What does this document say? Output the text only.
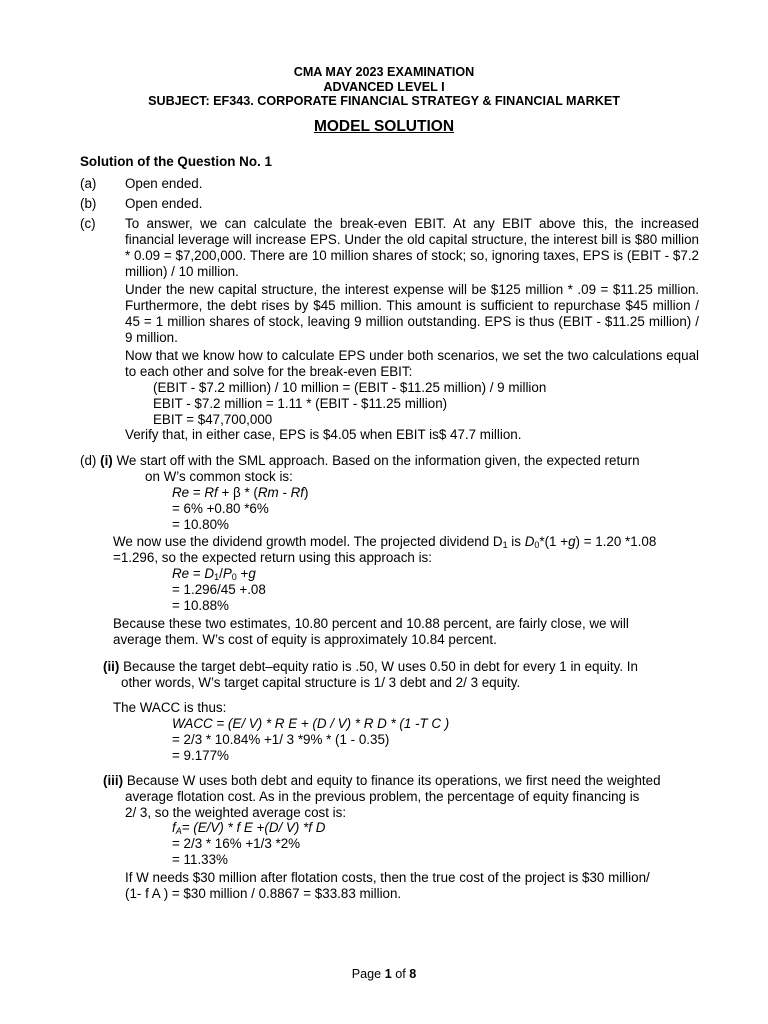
CMA MAY 2023 EXAMINATION
ADVANCED LEVEL I
SUBJECT: EF343. CORPORATE FINANCIAL STRATEGY & FINANCIAL MARKET
MODEL SOLUTION
Solution of the Question No. 1
(a) Open ended.
(b) Open ended.
(c) To answer, we can calculate the break-even EBIT. At any EBIT above this, the increased financial leverage will increase EPS. Under the old capital structure, the interest bill is $80 million * 0.09 = $7,200,000. There are 10 million shares of stock; so, ignoring taxes, EPS is (EBIT - $7.2 million) / 10 million.
Under the new capital structure, the interest expense will be $125 million * .09 = $11.25 million. Furthermore, the debt rises by $45 million. This amount is sufficient to repurchase $45 million / 45 = 1 million shares of stock, leaving 9 million outstanding. EPS is thus (EBIT - $11.25 million) / 9 million.
Now that we know how to calculate EPS under both scenarios, we set the two calculations equal to each other and solve for the break-even EBIT:
(EBIT - $7.2 million) / 10 million = (EBIT - $11.25 million) / 9 million
EBIT - $7.2 million = 1.11 * (EBIT - $11.25 million)
EBIT = $47,700,000
Verify that, in either case, EPS is $4.05 when EBIT is$ 47.7 million.
(d) (i) We start off with the SML approach. Based on the information given, the expected return
on W’s common stock is:
Re = Rf + β * (Rm - Rf)
= 6% +0.80 *6%
= 10.80%
We now use the dividend growth model. The projected dividend $D_1$ is $D_0*(1 +g) = 1.20$ *1.08
=1.296, so the expected return using this approach is:
$Re = D_1/P_0 +g$
= 1.296/45 +.08
= 10.88%
Because these two estimates, 10.80 percent and 10.88 percent, are fairly close, we will
average them. W’s cost of equity is approximately 10.84 percent.
(ii) Because the target debt–equity ratio is .50, W uses 0.50 in debt for every 1 in equity. In
other words, W’s target capital structure is 1/ 3 debt and 2/ 3 equity.
The WACC is thus:
WACC = (E/ V) * R E + (D / V) * R D * (1 -T C )
= 2/3 * 10.84% +1/ 3 *9% * (1 - 0.35)
= 9.177%
(iii) Because W uses both debt and equity to finance its operations, we first need the weighted
average flotation cost. As in the previous problem, the percentage of equity financing is
2/ 3, so the weighted average cost is:
$f_A= (E/V) * f$ E +(D/ V) *f D
= 2/3 * 16% +1/3 *2%
= 11.33%
If W needs $30 million after flotation costs, then the true cost of the project is $30 million/
(1- f A ) = $30 million / 0.8867 = $33.83 million.
Page 1 of 8
